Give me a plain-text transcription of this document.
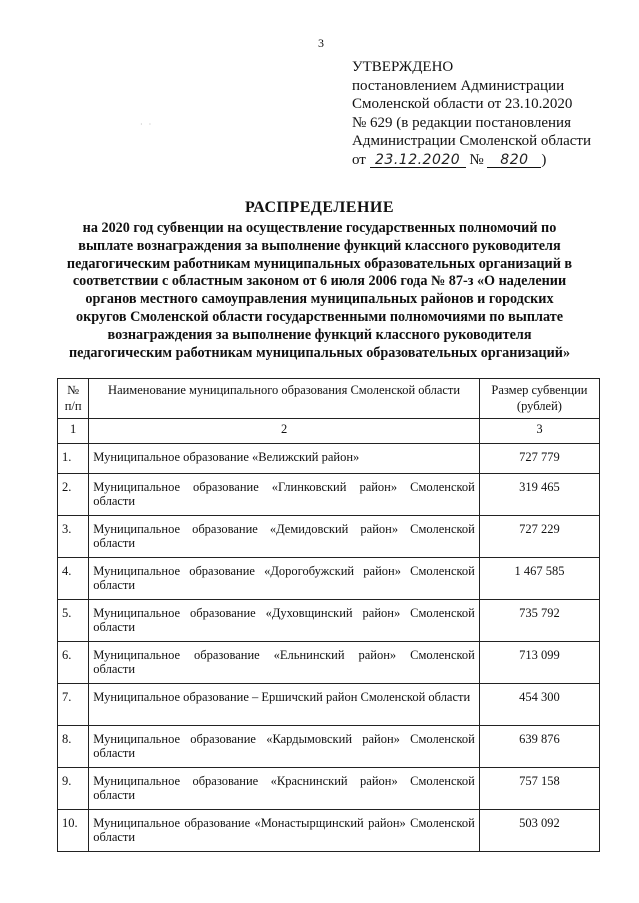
3
· ·
УТВЕРЖДЕНО
постановлением Администрации
Смоленской области от 23.10.2020
№ 629 (в редакции постановления
Администрации Смоленской области
от 23.12.2020 № 820 )
РАСПРЕДЕЛЕНИЕ
на 2020 год субвенции на осуществление государственных полномочий по
выплате вознаграждения за выполнение функций классного руководителя
педагогическим работникам муниципальных образовательных организаций в
соответствии с областным законом от 6 июля 2006 года № 87-з «О наделении
органов местного самоуправления муниципальных районов и городских
округов Смоленской области государственными полномочиями по выплате
вознаграждения за выполнение функций классного руководителя
педагогическим работникам муниципальных образовательных организаций»
№ п/п	Наименование муниципального образования Смоленской области	Размер субвенции (рублей)
1	2	3
1.	Муниципальное образование «Велижский район»	727 779
2.	Муниципальное образование «Глинковский район» Смоленской области	319 465
3.	Муниципальное образование «Демидовский район» Смоленской области	727 229
4.	Муниципальное образование «Дорогобужский район» Смоленской области	1 467 585
5.	Муниципальное образование «Духовщинский район» Смоленской области	735 792
6.	Муниципальное образование «Ельнинский район» Смоленской области	713 099
7.	Муниципальное образование – Ершичский район Смоленской области	454 300
8.	Муниципальное образование «Кардымовский район» Смоленской области	639 876
9.	Муниципальное образование «Краснинский район» Смоленской области	757 158
10.	Муниципальное образование «Монастырщинский район» Смоленской области	503 092
